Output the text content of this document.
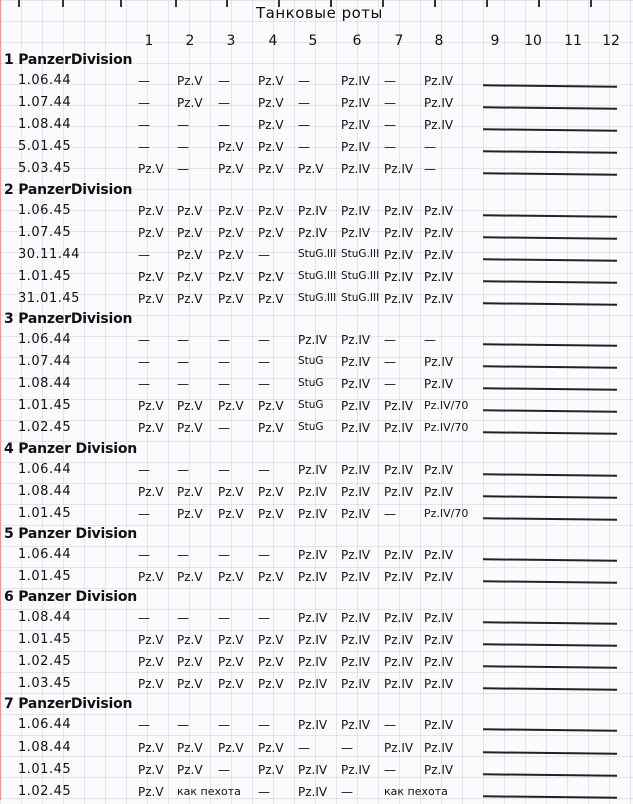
Танковые роты
1	2	3	4	5	6	7	8	9	10	11	12
1 PanzerDivision
1.06.44	— Pz.V — Pz.V —	Pz.IV — Pz.IV
1.07.44	— Pz.V — Pz.V —	Pz.IV — Pz.IV
1.08.44	— — — Pz.V —	Pz.IV — Pz.IV
5.01.45	— — Pz.V Pz.V —	Pz.IV — —
5.03.45	Pz.V — Pz.V Pz.V Pz.V Pz.IV Pz.IV —
2 PanzerDivision
1.06.45	Pz.V Pz.V Pz.V Pz.V Pz.IV Pz.IV Pz.IV Pz.IV
1.07.45	Pz.V Pz.V Pz.V Pz.V Pz.IV Pz.IV Pz.IV Pz.IV
30.11.44	— Pz.V Pz.V —	StuG.III StuG.III Pz.IV Pz.IV
1.01.45	Pz.V Pz.V Pz.V Pz.V StuG.III StuG.III Pz.IV Pz.IV
31.01.45	Pz.V Pz.V Pz.V Pz.V StuG.III StuG.III Pz.IV Pz.IV
3 PanzerDivision
1.06.44	— — — — Pz.IV Pz.IV — —
1.07.44	— — — —	StuG Pz.IV — Pz.IV
1.08.44	— — — —	StuG Pz.IV — Pz.IV
1.01.45	Pz.V Pz.V Pz.V Pz.V StuG Pz.IV Pz.IV Pz.IV/70
1.02.45	Pz.V Pz.V — Pz.V StuG Pz.IV Pz.IV Pz.IV/70
4 Panzer Division
1.06.44	— — — — Pz.IV Pz.IV Pz.IV Pz.IV
1.08.44	Pz.V Pz.V Pz.V Pz.V Pz.IV Pz.IV Pz.IV Pz.IV
1.01.45	— Pz.V Pz.V Pz.V Pz.IV Pz.IV —	Pz.IV/70
5 Panzer Division
1.06.44	— — — — Pz.IV Pz.IV Pz.IV Pz.IV
1.01.45	Pz.V Pz.V Pz.V Pz.V Pz.IV Pz.IV Pz.IV Pz.IV
6 Panzer Division
1.08.44	— — — — Pz.IV Pz.IV Pz.IV Pz.IV
1.01.45	Pz.V Pz.V Pz.V Pz.V Pz.IV Pz.IV Pz.IV Pz.IV
1.02.45	Pz.V Pz.V Pz.V Pz.V Pz.IV Pz.IV Pz.IV Pz.IV
1.03.45	Pz.V Pz.V Pz.V Pz.V Pz.IV Pz.IV Pz.IV Pz.IV
7 PanzerDivision
1.06.44	— — — — Pz.IV Pz.IV — Pz.IV
1.08.44	Pz.V Pz.V Pz.V Pz.V —	—	Pz.IV Pz.IV
1.01.45	Pz.V Pz.V — Pz.V Pz.IV Pz.IV — Pz.IV
1.02.45	Pz.V как пехота — Pz.IV —	как пехота
